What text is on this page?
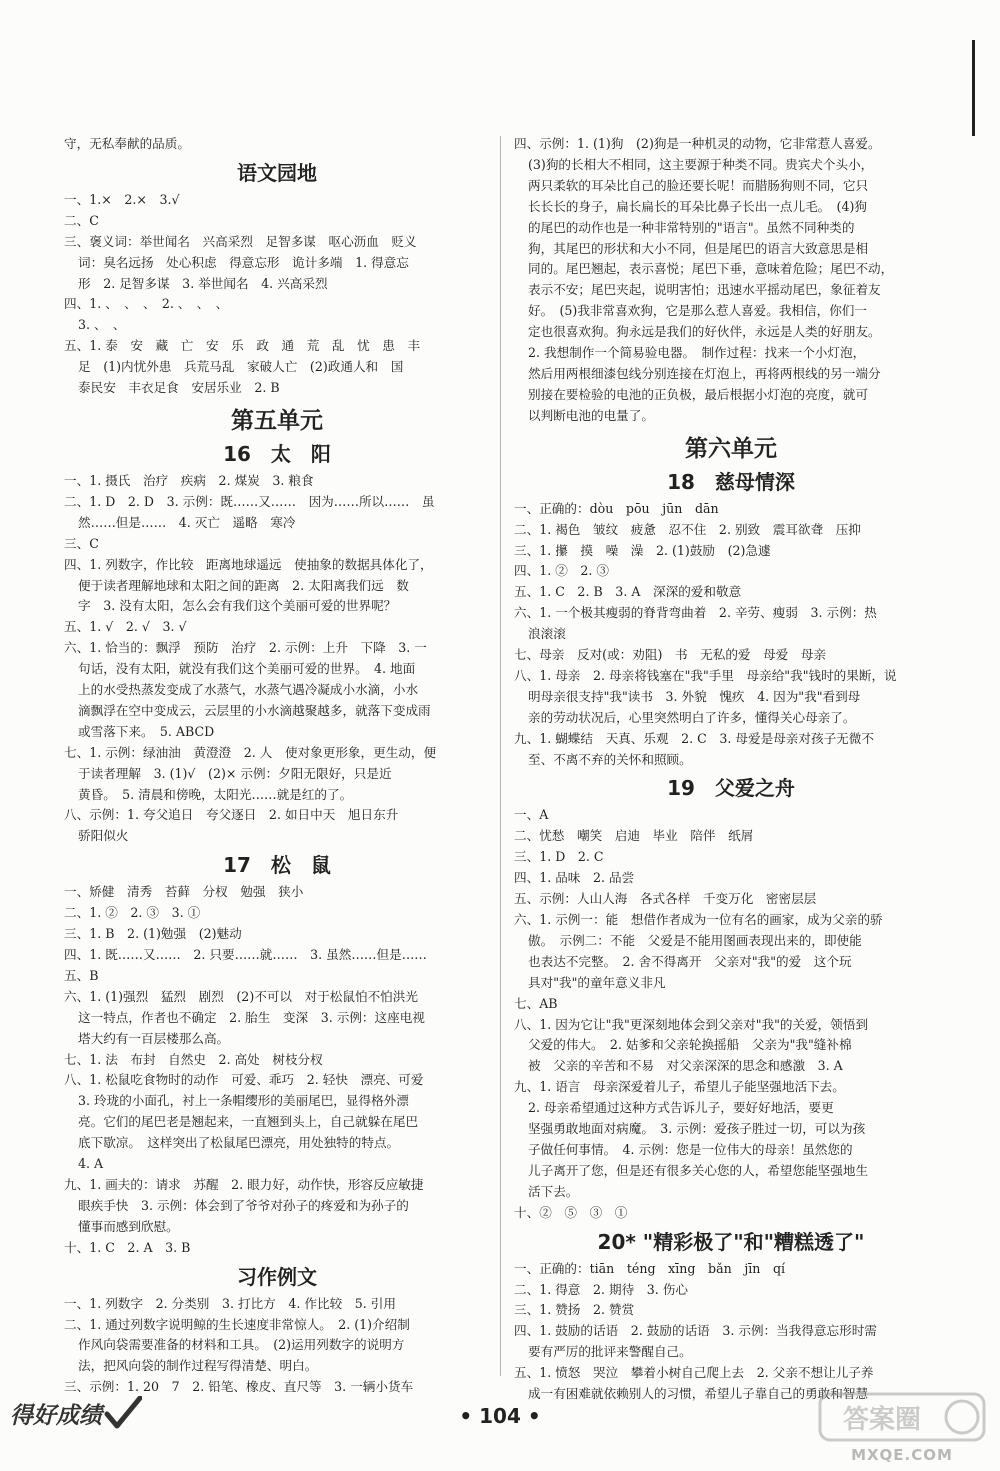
守，无私奉献的品质。
语文园地
一、1.×　2.×　3.√
二、C
三、褒义词：举世闻名　兴高采烈　足智多谋　呕心沥血　贬义
词：臭名远扬　处心积虑　得意忘形　诡计多端　1. 得意忘
形　2. 足智多谋　3. 举世闻名　4. 兴高采烈
四、1. 、　、　、　2. 、　、　、
3. 、　、
五、1. 泰　安　藏　亡　安　乐　政　通　荒　乱　忧　患　丰
足　(1)内忧外患　兵荒马乱　家破人亡　(2)政通人和　国
泰民安　丰衣足食　安居乐业　2. B
第五单元
16　太　阳
一、1. 摄氏　治疗　疾病　2. 煤炭　3. 粮食
二、1. D　2. D　3. 示例：既……又……　因为……所以……　虽
然……但是……　4. 灭亡　遥略　寒冷
三、C
四、1. 列数字，作比较　距离地球遥远　使抽象的数据具体化了，
便于读者理解地球和太阳之间的距离　2. 太阳离我们远　数
字　3. 没有太阳，怎么会有我们这个美丽可爱的世界呢？
五、1. √　2. √　3. √
六、1. 恰当的：飘浮　预防　治疗　2. 示例：上升　下降　3. 一
句话，没有太阳，就没有我们这个美丽可爱的世界。　4. 地面
上的水受热蒸发变成了水蒸气，水蒸气遇冷凝成小水滴，小水
滴飘浮在空中变成云，云层里的小水滴越聚越多，就落下变成雨
或雪落下来。　5. ABCD
七、1. 示例：绿油油　黄澄澄　2. 人　使对象更形象，更生动，便
于读者理解　3. (1)√　(2)× 示例：夕阳无限好，只是近
黄昏。　5. 清晨和傍晚，太阳光……就是红的了。
八、示例：1. 夸父追日　夸父逐日　2. 如日中天　旭日东升
骄阳似火
17　松　鼠
一、矫健　清秀　苔藓　分杈　勉强　狭小
二、1. ②　2. ③　3. ①
三、1. B　2. (1)勉强　(2)魅动
四、1. 既……又……　2. 只要……就……　3. 虽然……但是……
五、B
六、1. (1)强烈　猛烈　剧烈　(2)不可以　对于松鼠怕不怕洪光
这一特点，作者也不确定　2. 胎生　变深　3. 示例：这座电视
塔大约有一百层楼那么高。
七、1. 法　布封　自然史　2. 高处　树枝分杈
八、1. 松鼠吃食物时的动作　可爱、乖巧　2. 轻快　漂亮、可爱
3. 玲珑的小面孔，衬上一条帽缨形的美丽尾巴，显得格外漂
亮。它们的尾巴老是翘起来，一直翘到头上，自己就躲在尾巴
底下歇凉。　这样突出了松鼠尾巴漂亮，用处独特的特点。
4. A
九、1. 画夫的：请求　苏醒　2. 眼力好，动作快，形容反应敏捷
眼疾手快　3. 示例：体会到了爷爷对孙子的疼爱和为孙子的
懂事而感到欣慰。
十、1. C　2. A　3. B
习作例文
一、1. 列数字　2. 分类别　3. 打比方　4. 作比较　5. 引用
二、1. 通过列数字说明鲸的生长速度非常惊人。　2. (1)介绍制
作风向袋需要准备的材料和工具。　(2)运用列数字的说明方
法，把风向袋的制作过程写得清楚、明白。
三、示例：1. 20　7　2. 铅笔、橡皮、直尺等　3. 一辆小货车
四、示例：1. (1)狗　(2)狗是一种机灵的动物，它非常惹人喜爱。
(3)狗的长相大不相同，这主要源于种类不同。贵宾犬个头小，
两只柔软的耳朵比自己的脸还要长呢！而腊肠狗则不同，它只
长长长的身子，扁长扁长的耳朵比鼻子长出一点儿毛。　(4)狗
的尾巴的动作也是一种非常特别的"语言"。虽然不同种类的
狗，其尾巴的形状和大小不同，但是尾巴的语言大致意思是相
同的。尾巴翘起，表示喜悦；尾巴下垂，意味着危险；尾巴不动，
表示不安；尾巴夹起，说明害怕；迅速水平摇动尾巴，象征着友
好。　(5)我非常喜欢狗，它是那么惹人喜爱。我相信，你们一
定也很喜欢狗。狗永远是我们的好伙伴，永远是人类的好朋友。
2. 我想制作一个简易验电器。　制作过程：找来一个小灯泡，
然后用两根细漆包线分别连接在灯泡上，再将两根线的另一端分
别接在要检验的电池的正负极，最后根据小灯泡的亮度，就可
以判断电池的电量了。
第六单元
18　慈母情深
一、正确的：dòu　pōu　jūn　dān
二、1. 褐色　皱纹　疲惫　忍不住　2. 别致　震耳欲聋　压抑
三、1. 攥　摸　噪　澡　2. (1)鼓励　(2)急遽
四、1. ②　2. ③
五、1. C　2. B　3. A　深深的爱和敬意
六、1. 一个极其瘦弱的脊背弯曲着　2. 辛劳、瘦弱　3. 示例：热
浪滚滚
七、母亲　反对(或：劝阻)　书　无私的爱　母爱　母亲
八、1. 母亲　2. 母亲将钱塞在"我"手里　母亲给"我"钱时的果断，说
明母亲很支持"我"读书　3. 外貌　愧疚　4. 因为"我"看到母
亲的劳动状况后，心里突然明白了许多，懂得关心母亲了。
九、1. 蝴蝶结　天真、乐观　2. C　3. 母爱是母亲对孩子无微不
至、不离不弃的关怀和照顾。
19　父爱之舟
一、A
二、忧愁　嘲笑　启迪　毕业　陪伴　纸屑
三、1. D　2. C
四、1. 品味　2. 品尝
五、示例：人山人海　各式各样　千变万化　密密层层
六、1. 示例一：能　想借作者成为一位有名的画家，成为父亲的骄
傲。　示例二：不能　父爱是不能用图画表现出来的，即使能
也表达不完整。　2. 舍不得离开　父亲对"我"的爱　这个玩
具对"我"的童年意义非凡
七、AB
八、1. 因为它让"我"更深刻地体会到父亲对"我"的关爱，领悟到
父爱的伟大。　2. 姑爹和父亲轮换摇船　父亲为"我"缝补棉
被　父亲的辛苦和不易　对父亲深深的思念和感激　3. A
九、1. 语言　母亲深爱着儿子，希望儿子能坚强地活下去。
2. 母亲希望通过这种方式告诉儿子，要好好地活，要更
坚强勇敢地面对病魔。　3. 示例：爱孩子胜过一切，可以为孩
子做任何事情。　4. 示例：您是一位伟大的母亲！虽然您的
儿子离开了您，但是还有很多关心您的人，希望您能坚强地生
活下去。
十、②　⑤　③　①
20* "精彩极了"和"糟糕透了"
一、正确的：tiān　téng　xīng　bǎn　jīn　qí
二、1. 得意　2. 期待　3. 伤心
三、1. 赞扬　2. 赞赏
四、1. 鼓励的话语　2. 鼓励的话语　3. 示例：当我得意忘形时需
要有严厉的批评来警醒自己。
五、1. 愤怒　哭泣　攀着小树自己爬上去　2. 父亲不想让儿子养
成一有困难就依赖别人的习惯，希望儿子靠自己的勇敢和智慧
得好成绩	• 104 •	答案圈
MXQE.COM
